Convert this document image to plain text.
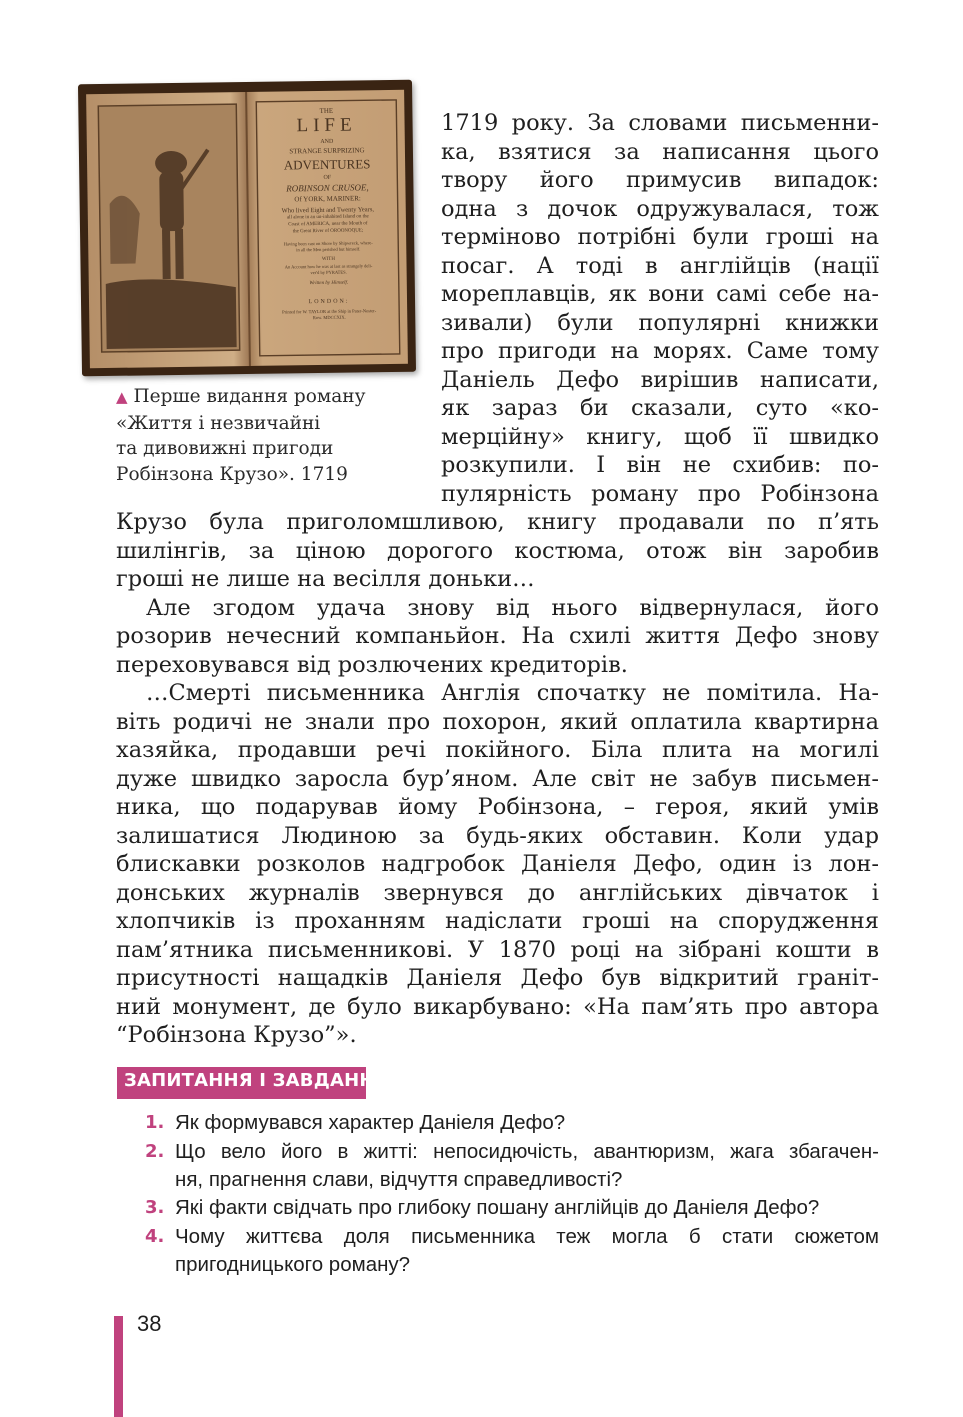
THE
LIFE
AND
STRANGE SURPRIZING
ADVENTURES
OF
ROBINSON CRUSOE,
Of YORK, MARINER:
Who lived Eight and Twenty Years,
all alone in an un-inhabited Island on the
Coast of AMERICA, near the Mouth of
the Great River of OROONOQUE;
Having been cast on Shore by Shipwreck, where-
in all the Men perished but himself.
WITH
An Account how he was at last as strangely deli-
ver'd by PYRATES.
Written by Himself.
LONDON:
Printed for W. TAYLOR at the Ship in Pater-Noster-
Row. MDCCXIX.
▲ Перше видання роману
«Життя і незвичайні
та дивовижні пригоди
Робінзона Крузо». 1719
1719 року. За словами письменни-
ка, взятися за написання цього
твору його примусив випадок:
одна з дочок одружувалася, тож
терміново потрібні були гроші на
посаг. А тоді в англійців (нації
мореплавців, як вони самі себе на-
зивали) були популярні книжки
про пригоди на морях. Саме тому
Даніель Дефо вирішив написати,
як зараз би сказали, суто «ко-
мерційну» книгу, щоб її швидко
розкупили. І він не схибив: по-
пулярність роману про Робінзона
Крузо була приголомшливою, книгу продавали по п’ять
шилінгів, за ціною дорогого костюма, отож він заробив
гроші не лише на весілля доньки…
Але згодом удача знову від нього відвернулася, його
розорив нечесний компаньйон. На схилі життя Дефо знову
переховувався від розлючених кредиторів.
…Смерті письменника Англія спочатку не помітила. На-
віть родичі не знали про похорон, який оплатила квартирна
хазяйка, продавши речі покійного. Біла плита на могилі
дуже швидко заросла бур’яном. Але світ не забув письмен-
ника, що подарував йому Робінзона, – героя, який умів
залишатися Людиною за будь-яких обставин. Коли удар
блискавки розколов надгробок Даніеля Дефо, один із лон-
донських журналів звернувся до англійських дівчаток і
хлопчиків із проханням надіслати гроші на спорудження
пам’ятника письменникові. У 1870 році на зібрані кошти в
присутності нащадків Даніеля Дефо був відкритий граніт-
ний монумент, де було викарбувано: «На пам’ять про автора
“Робінзона Крузо”».
ЗАПИТАННЯ І ЗАВДАННЯ
1. Як формувався характер Даніеля Дефо?
2. Що вело його в житті: непосидючість, авантюризм, жага збагачен-
ня, прагнення слави, відчуття справедливості?
3. Які факти свідчать про глибоку пошану англійців до Даніеля Дефо?
4. Чому життєва доля письменника теж могла б стати сюжетом
пригодницького роману?
38
